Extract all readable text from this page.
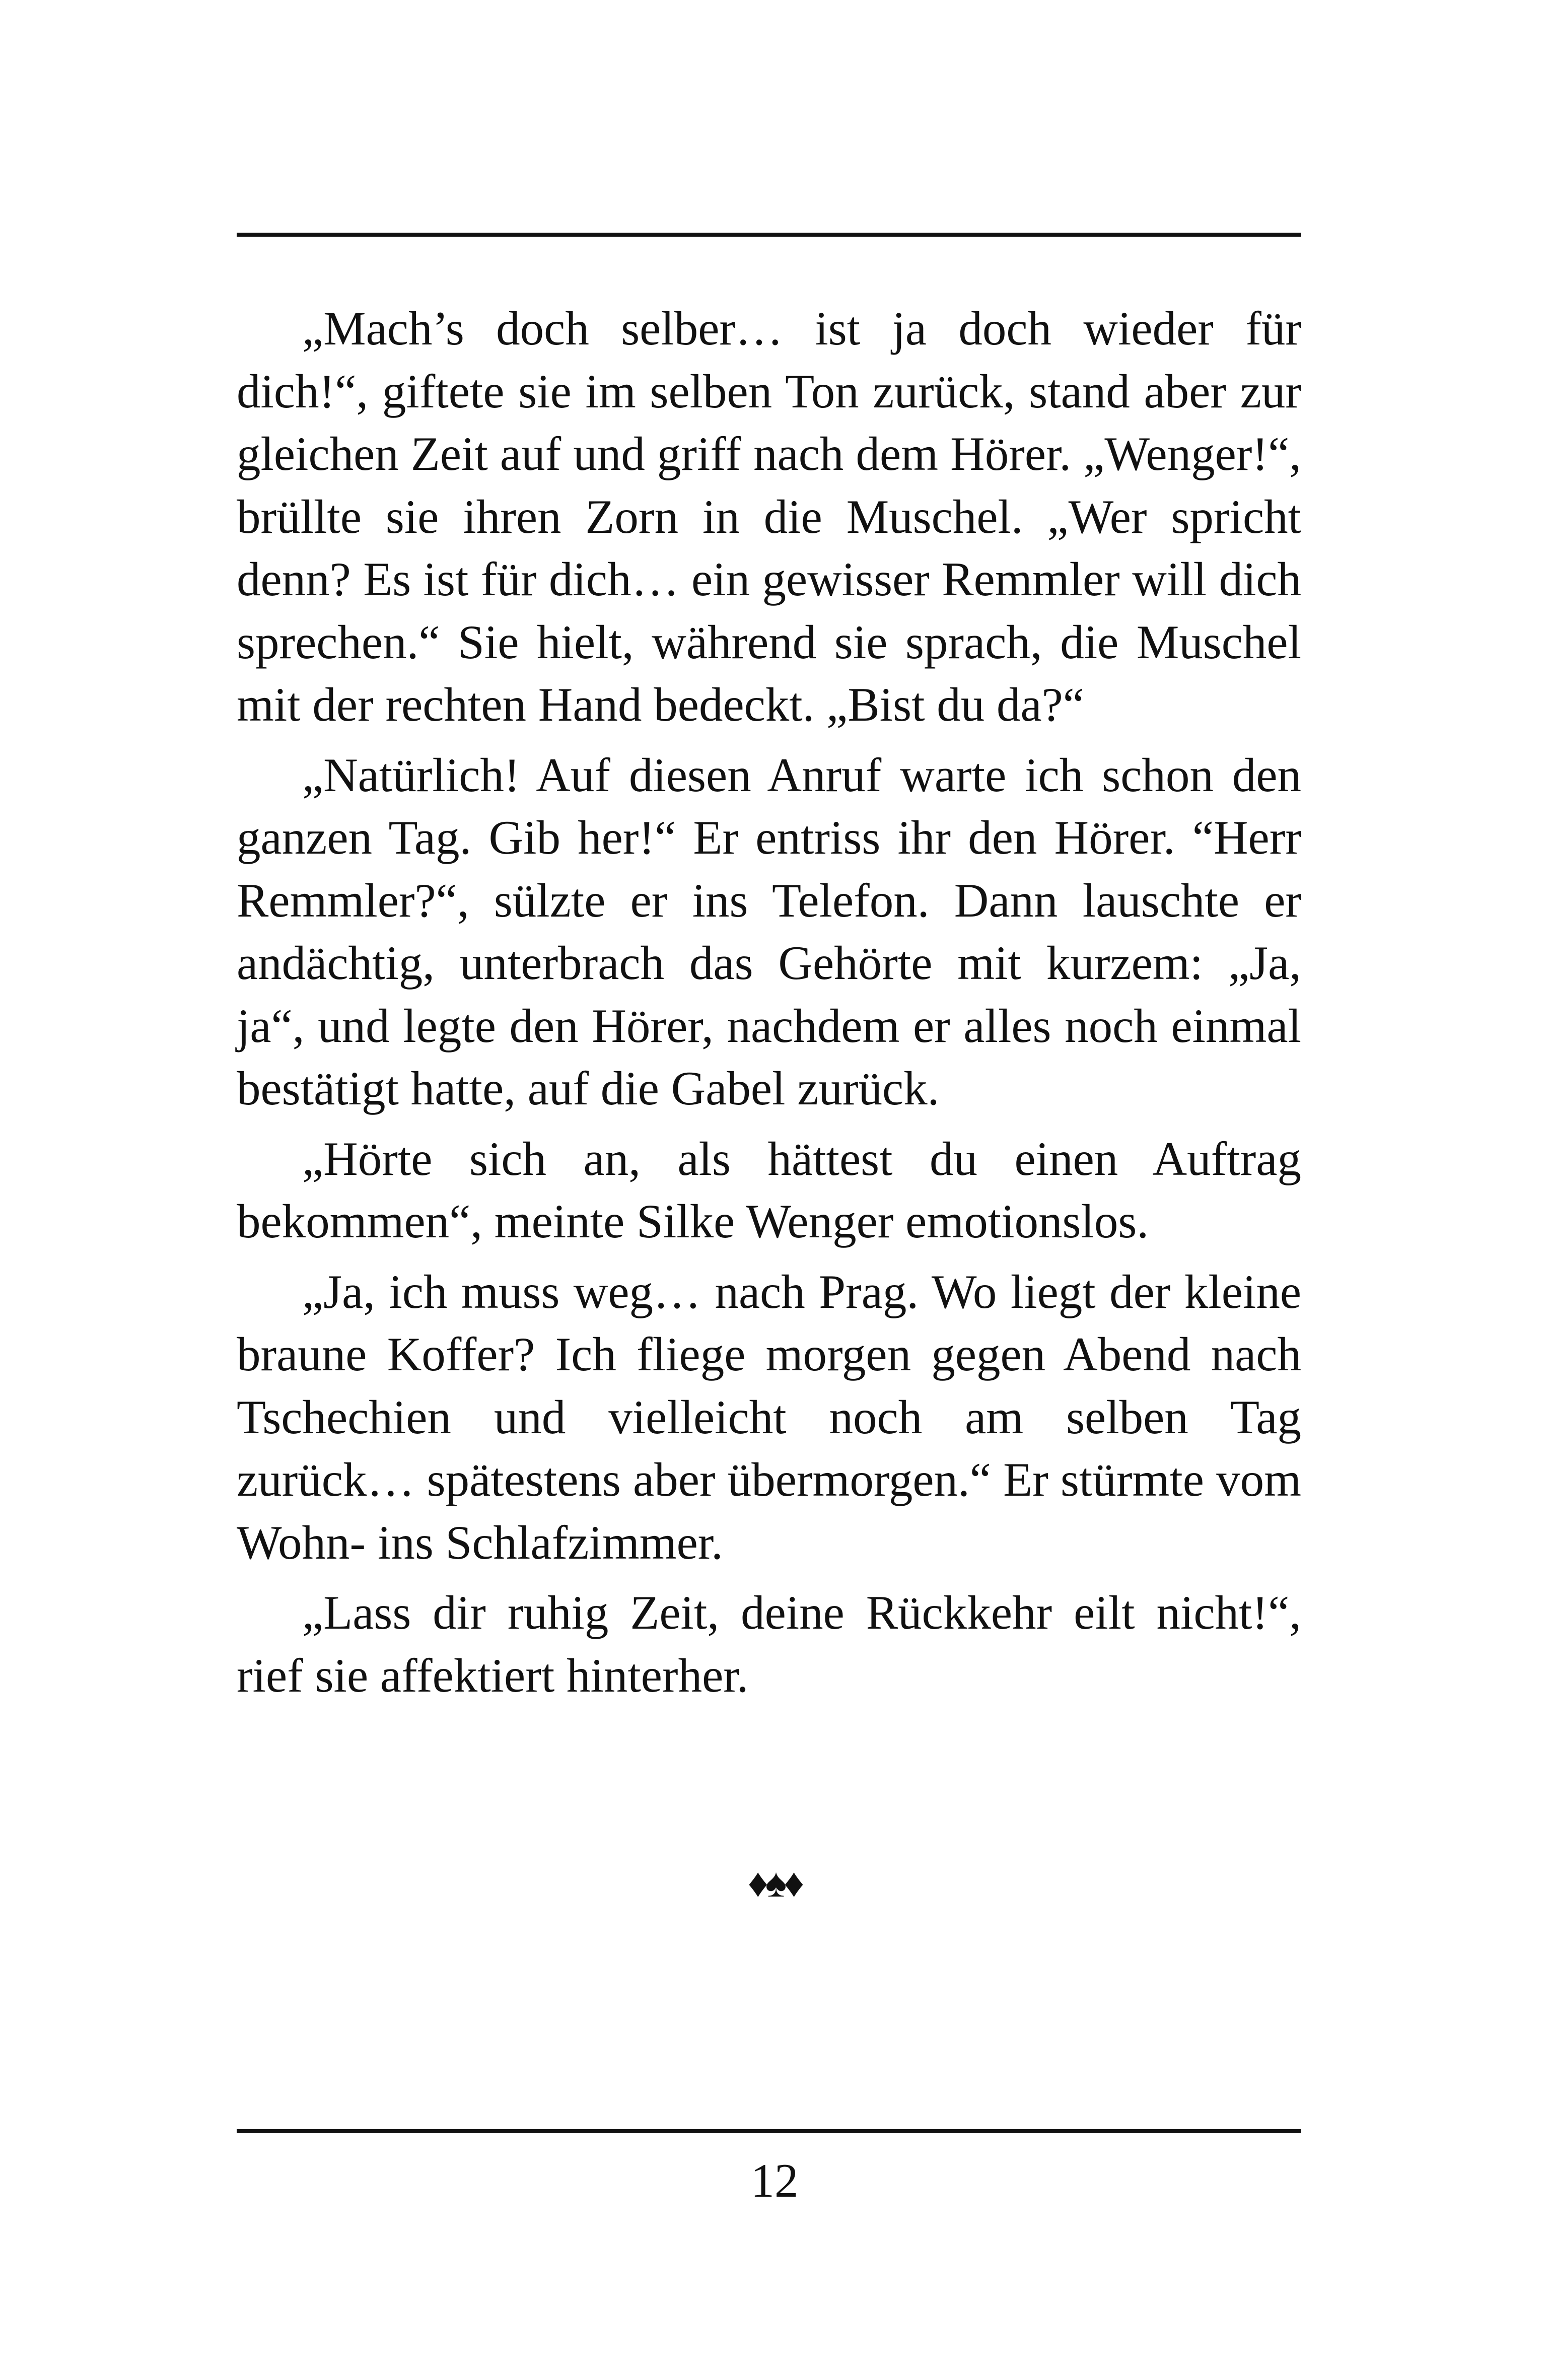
„Mach’s doch selber… ist ja doch wieder für dich!“, giftete sie im selben Ton zurück, stand aber zur gleichen Zeit auf und griff nach dem Hörer. „Wenger!“, brüllte sie ihren Zorn in die Muschel. „Wer spricht denn? Es ist für dich… ein gewisser Remmler will dich sprechen.“ Sie hielt, während sie sprach, die Muschel mit der rechten Hand bedeckt. „Bist du da?“

„Natürlich! Auf diesen Anruf warte ich schon den ganzen Tag. Gib her!“ Er entriss ihr den Hörer. “Herr Remmler?“, sülzte er ins Telefon. Dann lauschte er andächtig, unterbrach das Gehörte mit kurzem: „Ja, ja“, und legte den Hörer, nachdem er alles noch einmal bestätigt hatte, auf die Gabel zurück.

„Hörte sich an, als hättest du einen Auftrag bekommen“, meinte Silke Wenger emotionslos.

„Ja, ich muss weg… nach Prag. Wo liegt der kleine braune Koffer? Ich fliege morgen gegen Abend nach Tschechien und vielleicht noch am selben Tag zurück… spätestens aber übermorgen.“ Er stürmte vom Wohn- ins Schlafzimmer.

„Lass dir ruhig Zeit, deine Rückkehr eilt nicht!“, rief sie affektiert hinterher.

♦♠♦
12
